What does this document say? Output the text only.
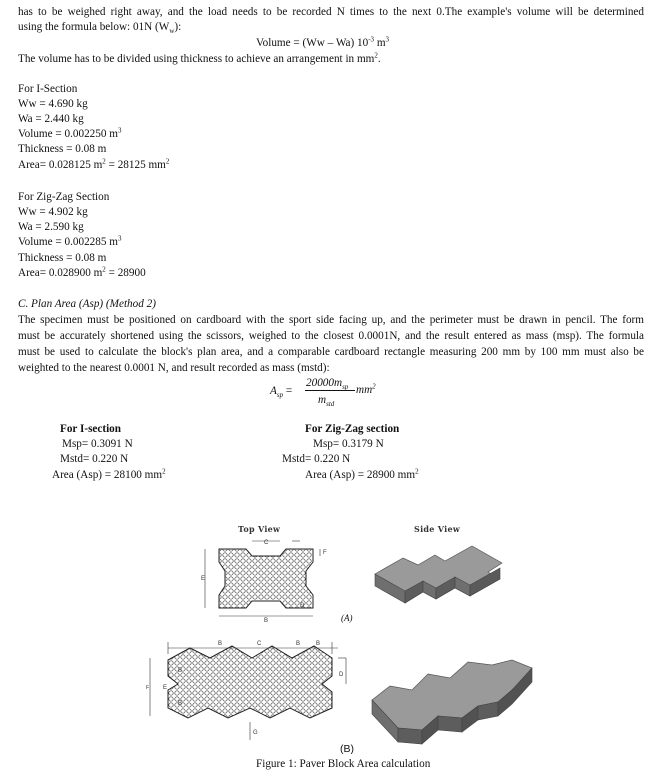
has to be weighed right away, and the load needs to be recorded N times to the next 0.The example's volume will be determined
using the formula below: 01N $(W_w)$:
Volume = (Ww – Wa) $10^{-3}$ $m^3$
The volume has to be divided using thickness to achieve an arrangement in $mm^2$.
For I-Section
Ww = 4.690 kg
Wa = 2.440 kg
Volume = 0.002250 $m^3$
Thickness = 0.08 m
Area= 0.028125 $m^2 = 28125$ $mm^2$
For Zig-Zag Section
Ww = 4.902 kg
Wa = 2.590 kg
Volume = 0.002285 $m^3$
Thickness = 0.08 m
Area= 0.028900 $m^2 = 28900$
C. Plan Area (Asp) (Method 2)
The specimen must be positioned on cardboard with the sport side facing up, and the perimeter must be drawn in pencil. The form
must be accurately shortened using the scissors, weighed to the closest 0.0001N, and the result entered as mass (msp). The formula
must be used to calculate the block's plan area, and a comparable cardboard rectangle measuring 200 mm by 100 mm must also be
weighted to the nearest 0.0001 N, and result recorded as mass (mstd):
$A_{sp}$ =
$20000m_{sp}$
$m_{std}$
$mm^2$
For I-section
Msp= 0.3091 N
Mstd= 0.220 N
Area (Asp) = 28100 $mm^2$
For Zig-Zag section
Msp= 0.3179 N
Mstd= 0.220 N
Area (Asp) = 28900 $mm^2$
Top View	Side View
C
E
B
F
D
B	C	B	B
E
B
B
D
G
F
(A)
(B)
Figure 1: Paver Block Area calculation
